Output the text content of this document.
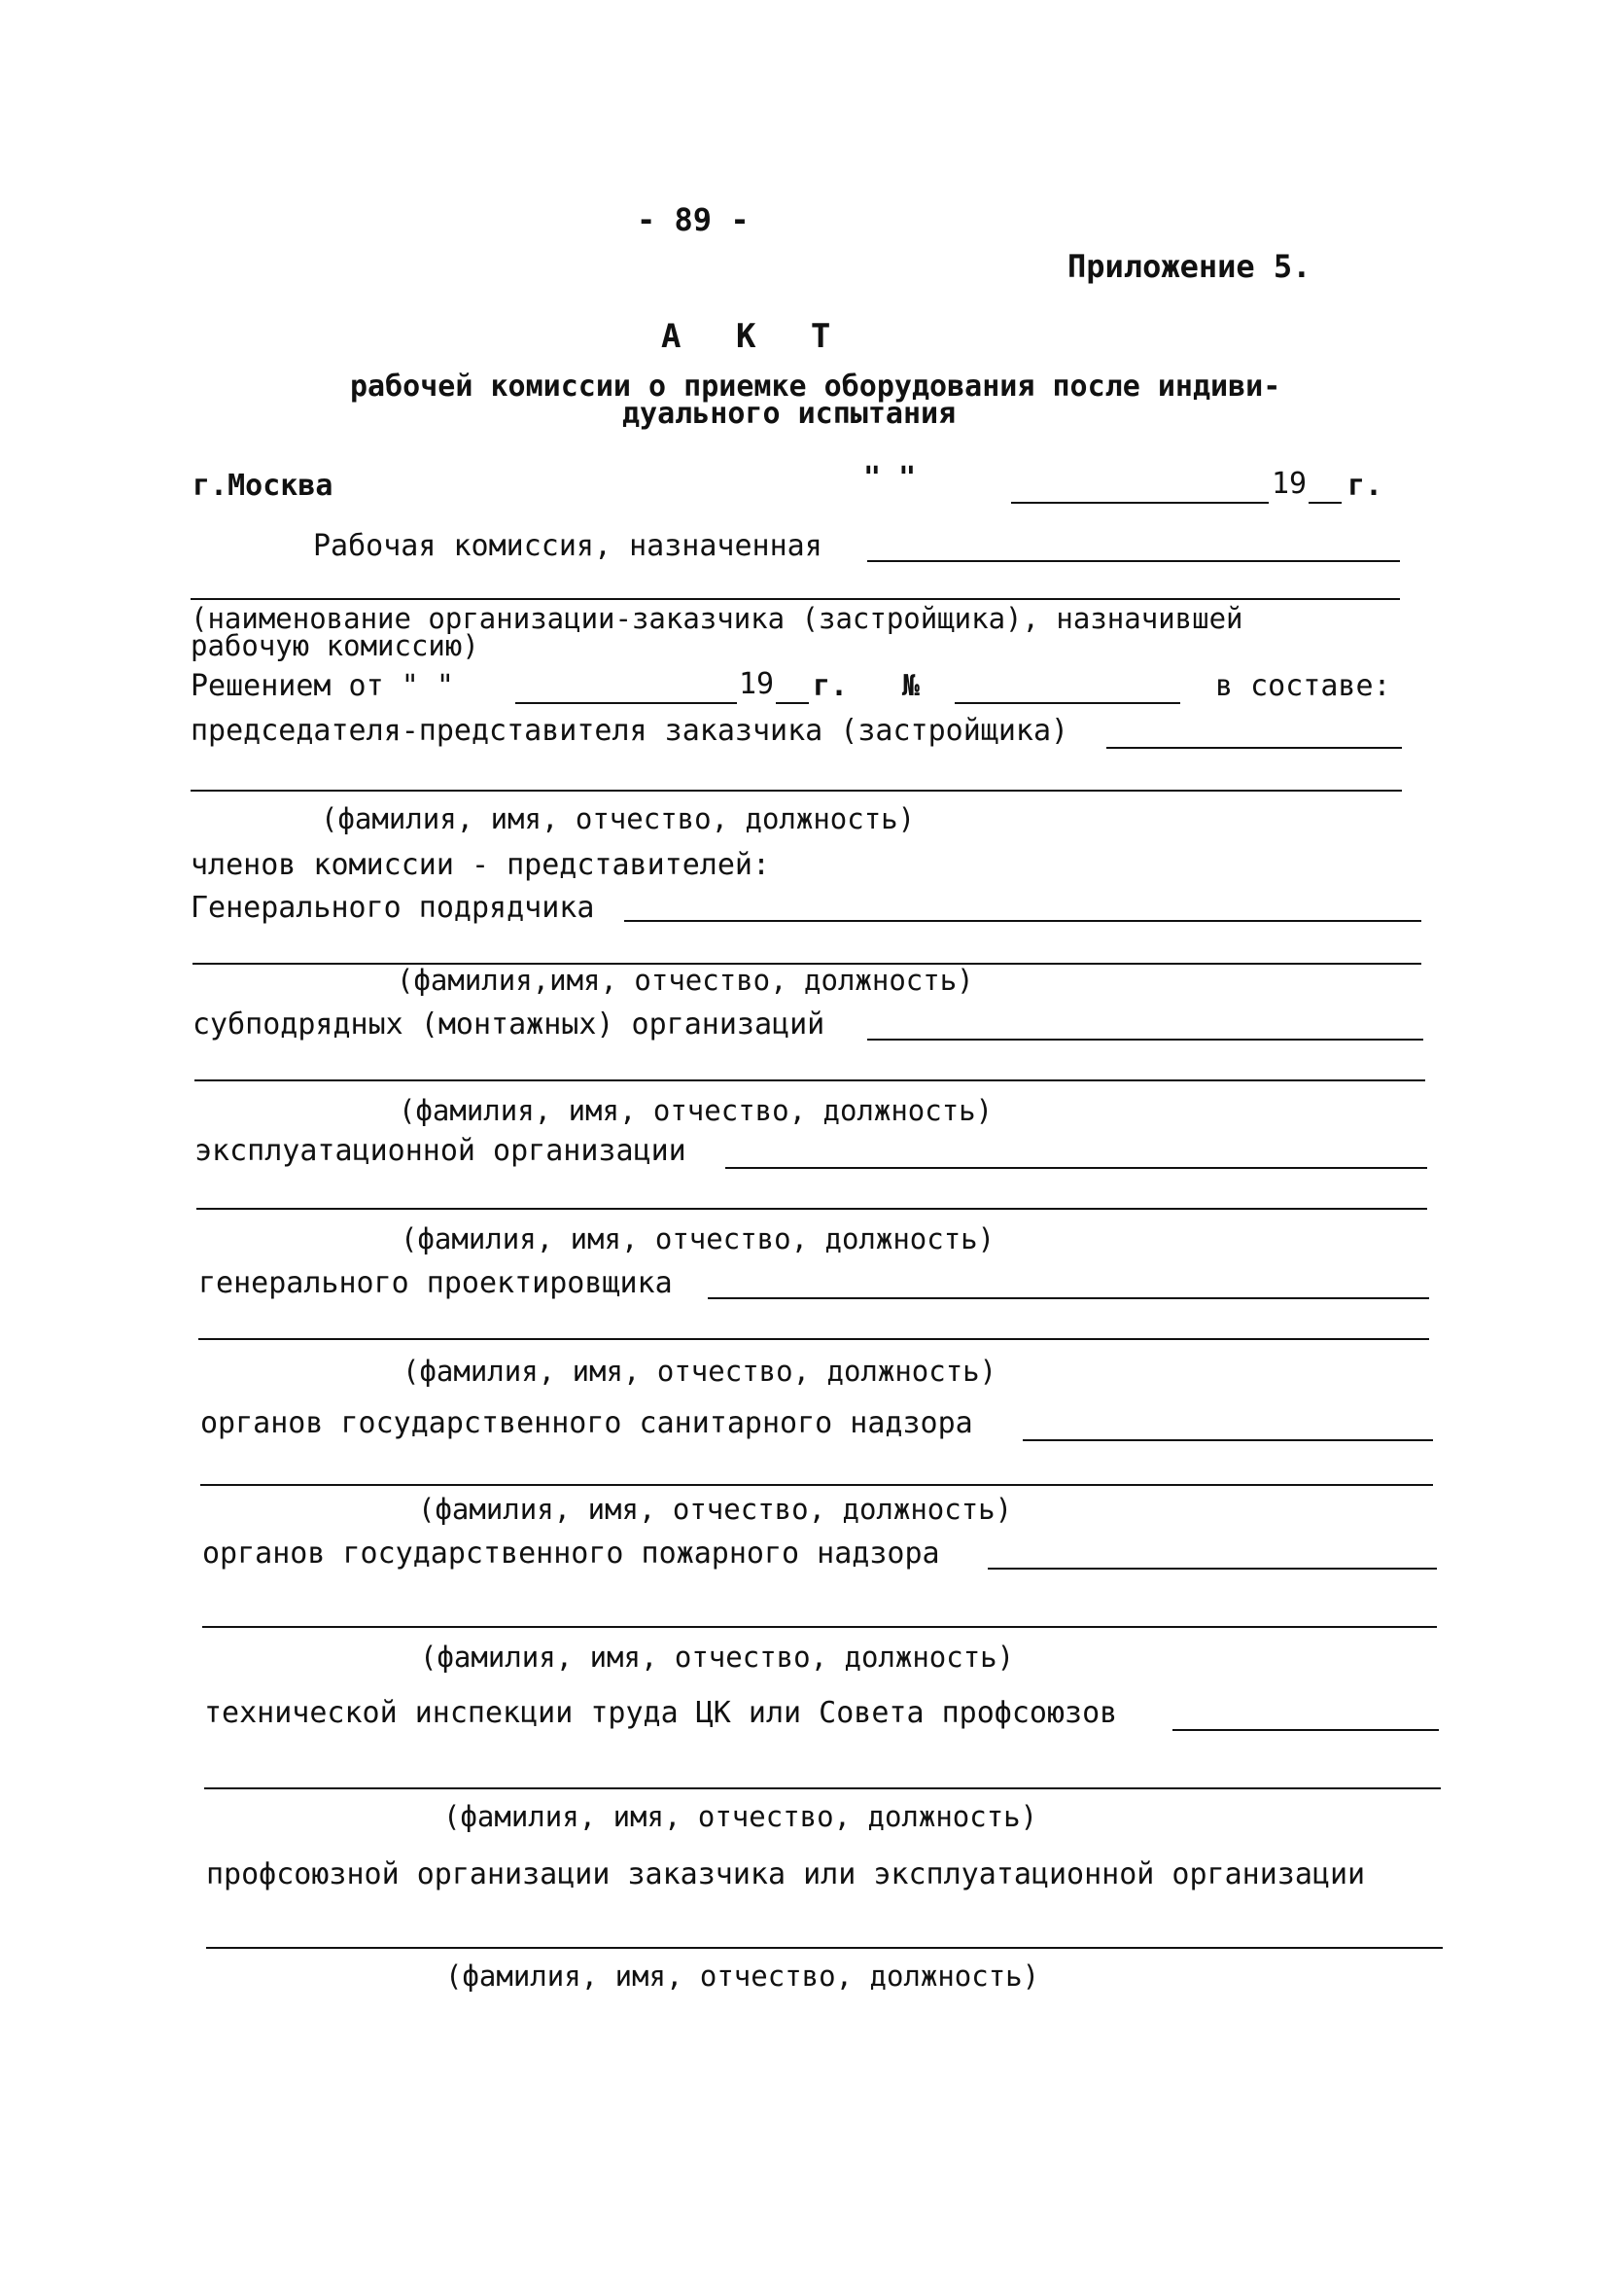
- 89 -
Приложение 5.
А К Т
рабочей комиссии о приемке оборудования после индиви-
дуального испытания
г.Москва	" "	19 г.
Рабочая комиссия, назначенная
(наименование организации-заказчика (застройщика), назначившей
рабочую комиссию)
Решением от " "	19 г. №	в составе:
председателя-представителя заказчика (застройщика)
(фамилия, имя, отчество, должность)
членов комиссии - представителей:
Генерального подрядчика
(фамилия,имя, отчество, должность)
субподрядных (монтажных) организаций
(фамилия, имя, отчество, должность)
эксплуатационной организации
(фамилия, имя, отчество, должность)
генерального проектировщика
(фамилия, имя, отчество, должность)
органов государственного санитарного надзора
(фамилия, имя, отчество, должность)
органов государственного пожарного надзора
(фамилия, имя, отчество, должность)
технической инспекции труда ЦК или Совета профсоюзов
(фамилия, имя, отчество, должность)
профсоюзной организации заказчика или эксплуатационной организации
(фамилия, имя, отчество, должность)
